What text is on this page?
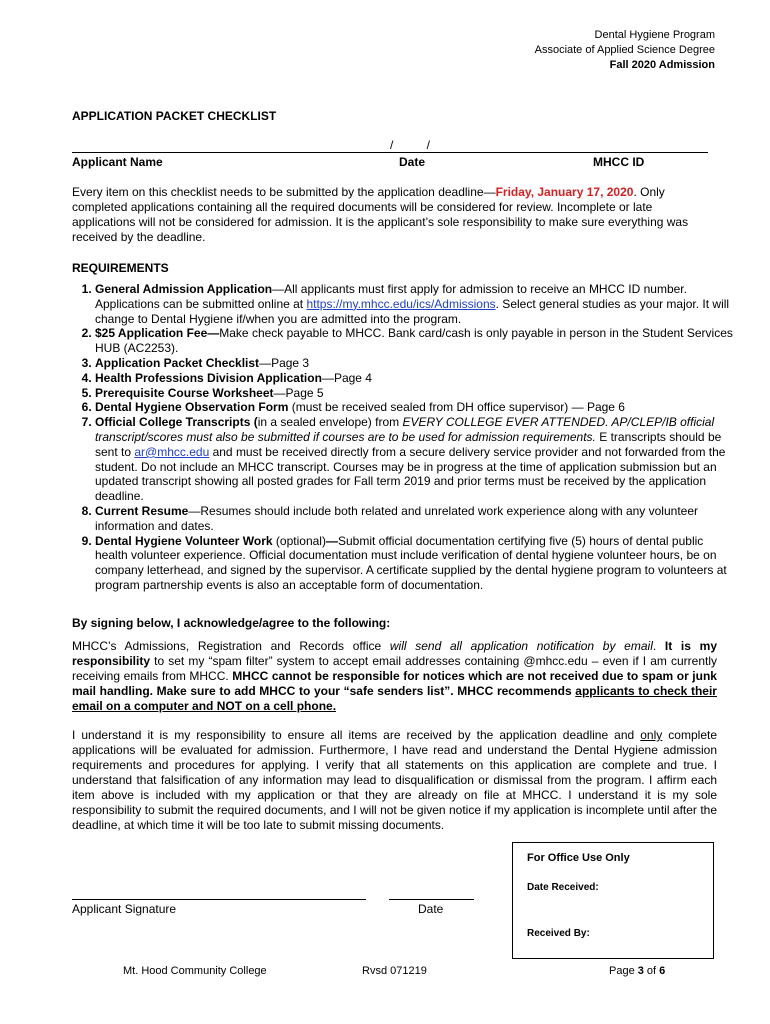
Dental Hygiene Program
Associate of Applied Science Degree
Fall 2020 Admission
APPLICATION PACKET CHECKLIST
/          /
Applicant Name	Date	MHCC ID
Every item on this checklist needs to be submitted by the application deadline—Friday, January 17, 2020. Only completed applications containing all the required documents will be considered for review. Incomplete or late applications will not be considered for admission. It is the applicant’s sole responsibility to make sure everything was received by the deadline.
REQUIREMENTS
1. General Admission Application—All applicants must first apply for admission to receive an MHCC ID number. Applications can be submitted online at https://my.mhcc.edu/ics/Admissions. Select general studies as your major. It will change to Dental Hygiene if/when you are admitted into the program.
2. $25 Application Fee—Make check payable to MHCC. Bank card/cash is only payable in person in the Student Services HUB (AC2253).
3. Application Packet Checklist—Page 3
4. Health Professions Division Application—Page 4
5. Prerequisite Course Worksheet—Page 5
6. Dental Hygiene Observation Form (must be received sealed from DH office supervisor) — Page 6
7. Official College Transcripts (in a sealed envelope) from EVERY COLLEGE EVER ATTENDED. AP/CLEP/IB official transcript/scores must also be submitted if courses are to be used for admission requirements. E transcripts should be sent to ar@mhcc.edu and must be received directly from a secure delivery service provider and not forwarded from the student. Do not include an MHCC transcript. Courses may be in progress at the time of application submission but an updated transcript showing all posted grades for Fall term 2019 and prior terms must be received by the application deadline.
8. Current Resume—Resumes should include both related and unrelated work experience along with any volunteer information and dates.
9. Dental Hygiene Volunteer Work (optional)—Submit official documentation certifying five (5) hours of dental public health volunteer experience. Official documentation must include verification of dental hygiene volunteer hours, be on company letterhead, and signed by the supervisor. A certificate supplied by the dental hygiene program to volunteers at program partnership events is also an acceptable form of documentation.
By signing below, I acknowledge/agree to the following:
MHCC’s Admissions, Registration and Records office will send all application notification by email. It is my responsibility to set my “spam filter” system to accept email addresses containing @mhcc.edu – even if I am currently receiving emails from MHCC. MHCC cannot be responsible for notices which are not received due to spam or junk mail handling. Make sure to add MHCC to your “safe senders list”. MHCC recommends applicants to check their email on a computer and NOT on a cell phone.
I understand it is my responsibility to ensure all items are received by the application deadline and only complete applications will be evaluated for admission. Furthermore, I have read and understand the Dental Hygiene admission requirements and procedures for applying. I verify that all statements on this application are complete and true. I understand that falsification of any information may lead to disqualification or dismissal from the program. I affirm each item above is included with my application or that they are already on file at MHCC. I understand it is my sole responsibility to submit the required documents, and I will not be given notice if my application is incomplete until after the deadline, at which time it will be too late to submit missing documents.
For Office Use Only
Date Received:
Received By:
Applicant Signature	Date
Mt. Hood Community College	Rvsd 071219	Page 3 of 6
